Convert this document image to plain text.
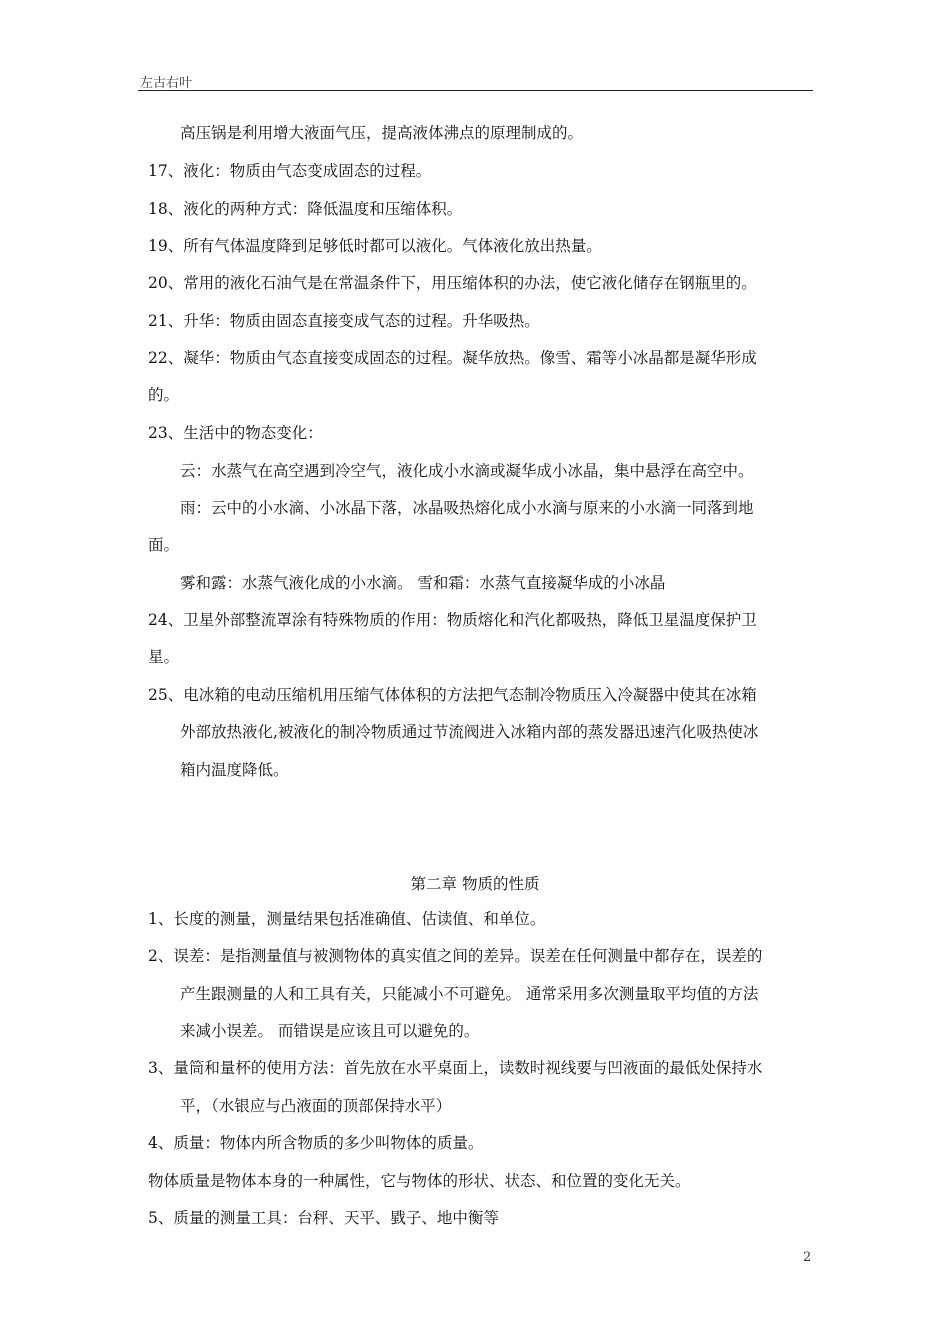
左古右叶
高压锅是利用增大液面气压，提高液体沸点的原理制成的。
17、液化：物质由气态变成固态的过程。
18、液化的两种方式：降低温度和压缩体积。
19、所有气体温度降到足够低时都可以液化。气体液化放出热量。
20、常用的液化石油气是在常温条件下，用压缩体积的办法，使它液化储存在钢瓶里的。
21、升华：物质由固态直接变成气态的过程。升华吸热。
22、凝华：物质由气态直接变成固态的过程。凝华放热。像雪、霜等小冰晶都是凝华形成
的。
23、生活中的物态变化：
云：水蒸气在高空遇到冷空气，液化成小水滴或凝华成小冰晶，集中悬浮在高空中。
雨：云中的小水滴、小冰晶下落，冰晶吸热熔化成小水滴与原来的小水滴一同落到地
面。
雾和露：水蒸气液化成的小水滴。 雪和霜：水蒸气直接凝华成的小冰晶
24、卫星外部整流罩涂有特殊物质的作用：物质熔化和汽化都吸热，降低卫星温度保护卫
星。
25、电冰箱的电动压缩机用压缩气体体积的方法把气态制冷物质压入冷凝器中使其在冰箱
外部放热液化,被液化的制冷物质通过节流阀进入冰箱内部的蒸发器迅速汽化吸热使冰
箱内温度降低。
第二章 物质的性质
1、长度的测量，测量结果包括准确值、估读值、和单位。
2、误差：是指测量值与被测物体的真实值之间的差异。误差在任何测量中都存在，误差的
产生跟测量的人和工具有关，只能减小不可避免。 通常采用多次测量取平均值的方法
来减小误差。 而错误是应该且可以避免的。
3、量筒和量杯的使用方法：首先放在水平桌面上，读数时视线要与凹液面的最低处保持水
平，（水银应与凸液面的顶部保持水平）
4、质量：物体内所含物质的多少叫物体的质量。
物体质量是物体本身的一种属性，它与物体的形状、状态、和位置的变化无关。
5、质量的测量工具：台秤、天平、戥子、地中衡等
2
